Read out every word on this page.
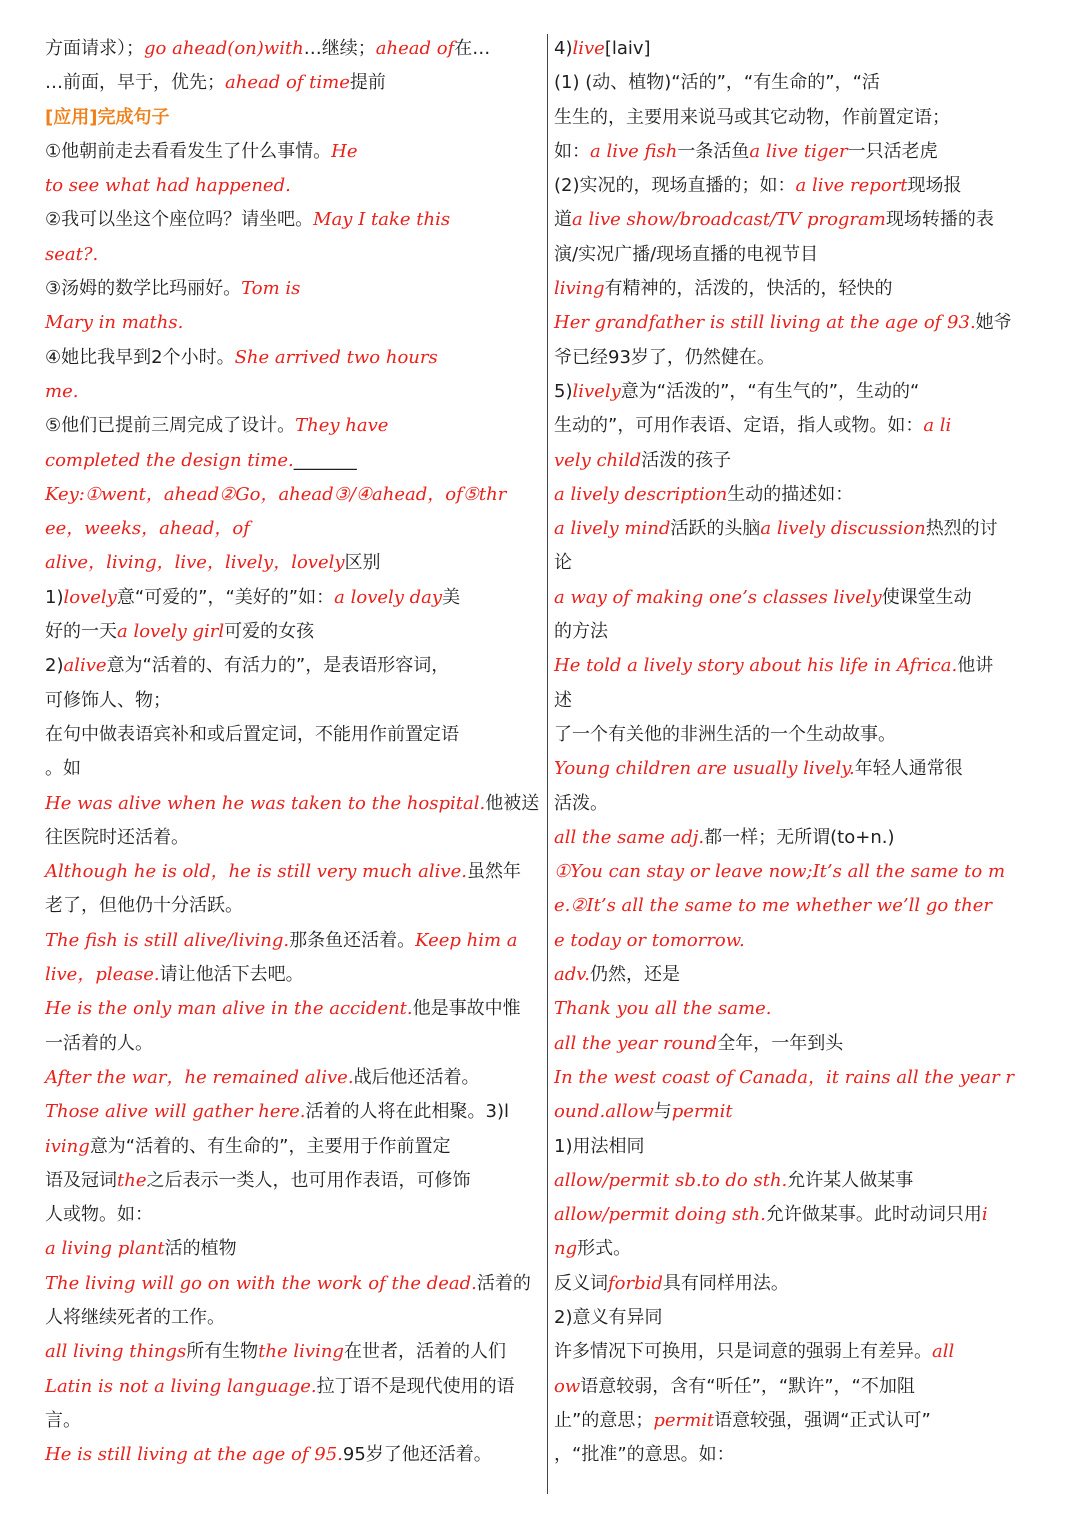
方面请求）；go ahead(on)with…继续；ahead of在…
…前面，早于，优先；ahead of time提前
[应用]完成句子
①他朝前走去看看发生了什么事情。He
to see what had happened.
②我可以坐这个座位吗？请坐吧。May I take this
seat?.
③汤姆的数学比玛丽好。Tom is
Mary in maths.
④她比我早到2个小时。She arrived two hours
me.
⑤他们已提前三周完成了设计。They have
completed the design time._______
Key:①went，ahead②Go，ahead③/④ahead，of⑤thr
ee，weeks，ahead，of
alive，living，live，lively，lovely区别
1)lovely意“可爱的”，“美好的”如：a lovely day美
好的一天a lovely girl可爱的女孩
2)alive意为“活着的、有活力的”，是表语形容词，
可修饰人、物；
在句中做表语宾补和或后置定词，不能用作前置定语
。如
He was alive when he was taken to the hospital.他被送
往医院时还活着。
Although he is old，he is still very much alive.虽然年
老了，但他仍十分活跃。
The fish is still alive/living.那条鱼还活着。Keep him a
live，please.请让他活下去吧。
He is the only man alive in the accident.他是事故中惟
一活着的人。
After the war，he remained alive.战后他还活着。
Those alive will gather here.活着的人将在此相聚。3)l
iving意为“活着的、有生命的”，主要用于作前置定
语及冠词the之后表示一类人，也可用作表语，可修饰
人或物。如：
a living plant活的植物
The living will go on with the work of the dead.活着的
人将继续死者的工作。
all living things所有生物the living在世者，活着的人们
Latin is not a living language.拉丁语不是现代使用的语
言。
He is still living at the age of 95.95岁了他还活着。
4)live[laiv]
(1) (动、植物)“活的”，“有生命的”，“活
生生的，主要用来说马或其它动物，作前置定语；
如：a live fish一条活鱼a live tiger一只活老虎
(2)实况的，现场直播的；如：a live report现场报
道a live show/broadcast/TV program现场转播的表
演/实况广播/现场直播的电视节目
living有精神的，活泼的，快活的，轻快的
Her grandfather is still living at the age of 93.她爷
爷已经93岁了，仍然健在。
5)lively意为“活泼的”，“有生气的”，生动的“
生动的”，可用作表语、定语，指人或物。如：a li
vely child活泼的孩子
a lively description生动的描述如：
a lively mind活跃的头脑a lively discussion热烈的讨
论
a way of making one’s classes lively使课堂生动
的方法
He told a lively story about his life in Africa.他讲
述
了一个有关他的非洲生活的一个生动故事。
Young children are usually lively.年轻人通常很
活泼。
all the same adj.都一样；无所谓(to+n.)
①You can stay or leave now;It’s all the same to m
e.②It’s all the same to me whether we’ll go ther
e today or tomorrow.
adv.仍然，还是
Thank you all the same.
all the year round全年，一年到头
In the west coast of Canada，it rains all the year r
ound.allow与permit
1)用法相同
allow/permit sb.to do sth.允许某人做某事
allow/permit doing sth.允许做某事。此时动词只用i
ng形式。
反义词forbid具有同样用法。
2)意义有异同
许多情况下可换用，只是词意的强弱上有差异。all
ow语意较弱，含有“听任”，“默许”，“不加阻
止”的意思；permit语意较强，强调“正式认可”
，“批准”的意思。如：
